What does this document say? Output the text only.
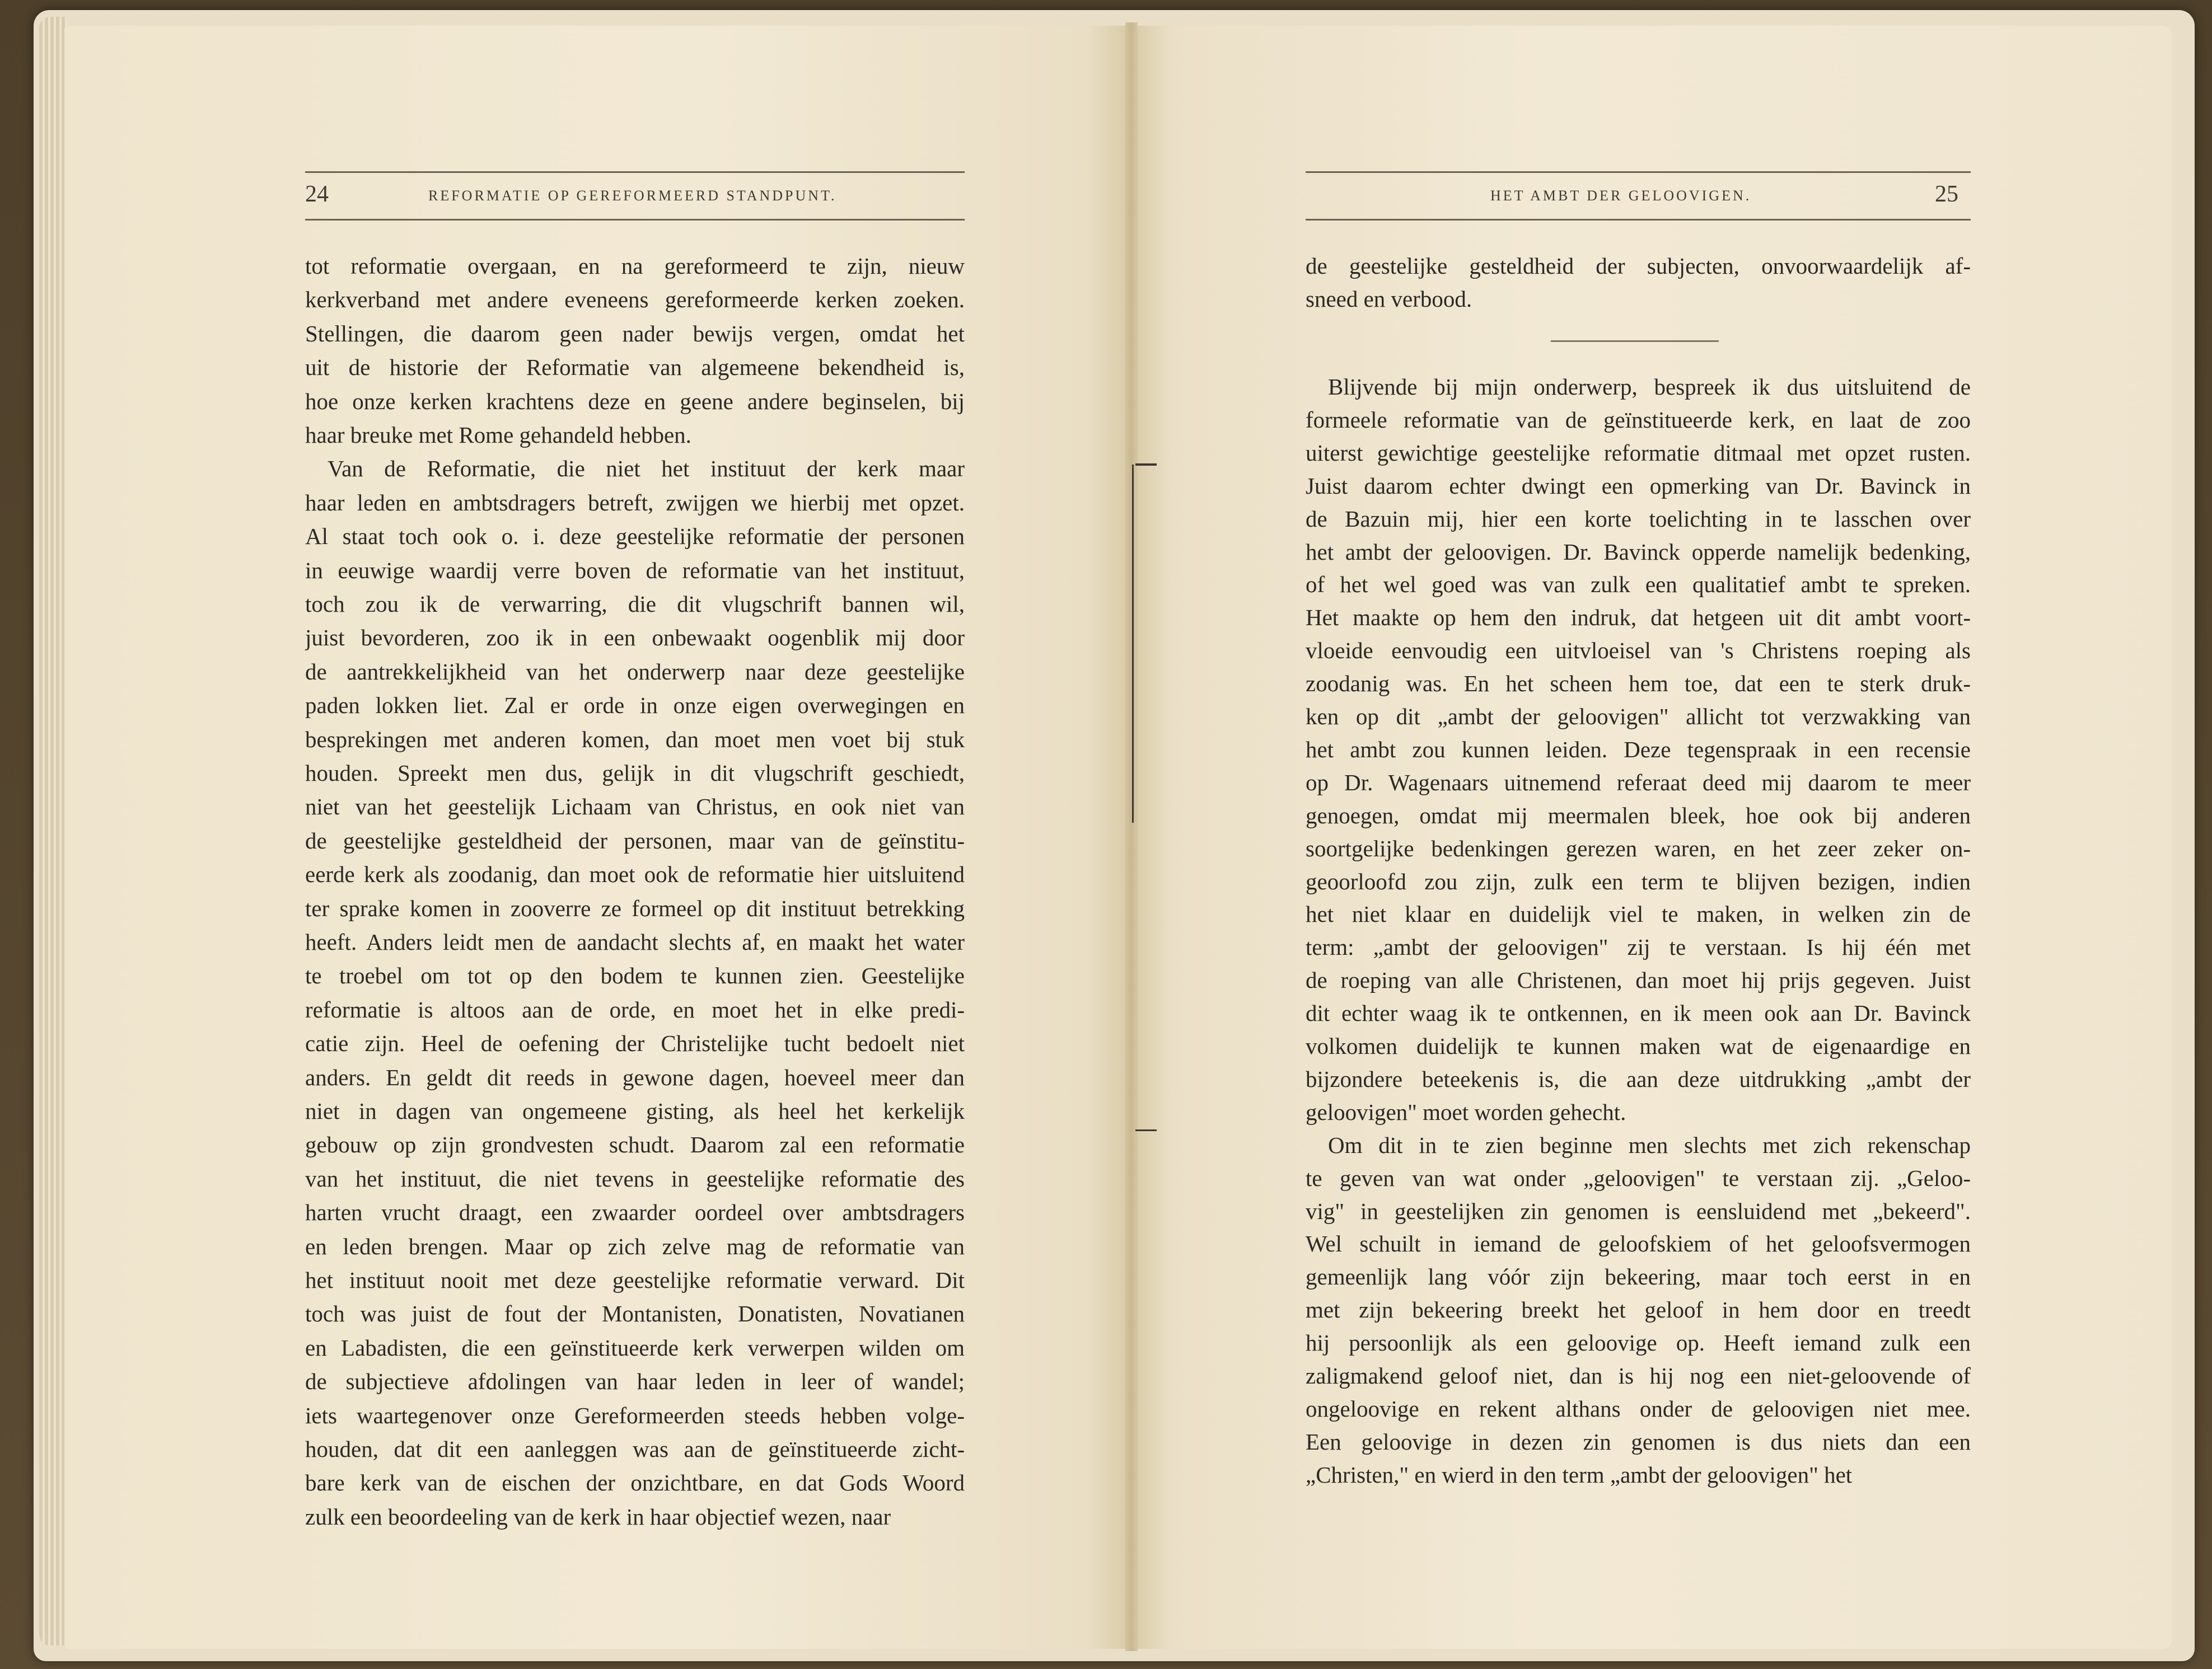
24	REFORMATIE OP GEREFORMEERD STANDPUNT.	HET AMBT DER GELOOVIGEN.	25
tot reformatie overgaan, en na gereformeerd te zijn, nieuw
kerkverband met andere eveneens gereformeerde kerken zoeken.
Stellingen, die daarom geen nader bewijs vergen, omdat het
uit de historie der Reformatie van algemeene bekendheid is,
hoe onze kerken krachtens deze en geene andere beginselen, bij
haar breuke met Rome gehandeld hebben.
Van de Reformatie, die niet het instituut der kerk maar
haar leden en ambtsdragers betreft, zwijgen we hierbij met opzet.
Al staat toch ook o. i. deze geestelijke reformatie der personen
in eeuwige waardij verre boven de reformatie van het instituut,
toch zou ik de verwarring, die dit vlugschrift bannen wil,
juist bevorderen, zoo ik in een onbewaakt oogenblik mij door
de aantrekkelijkheid van het onderwerp naar deze geestelijke
paden lokken liet. Zal er orde in onze eigen overwegingen en
besprekingen met anderen komen, dan moet men voet bij stuk
houden. Spreekt men dus, gelijk in dit vlugschrift geschiedt,
niet van het geestelijk Lichaam van Christus, en ook niet van
de geestelijke gesteldheid der personen, maar van de geïnstitu-
eerde kerk als zoodanig, dan moet ook de reformatie hier uitsluitend
ter sprake komen in zooverre ze formeel op dit instituut betrekking
heeft. Anders leidt men de aandacht slechts af, en maakt het water
te troebel om tot op den bodem te kunnen zien. Geestelijke
reformatie is altoos aan de orde, en moet het in elke predi-
catie zijn. Heel de oefening der Christelijke tucht bedoelt niet
anders. En geldt dit reeds in gewone dagen, hoeveel meer dan
niet in dagen van ongemeene gisting, als heel het kerkelijk
gebouw op zijn grondvesten schudt. Daarom zal een reformatie
van het instituut, die niet tevens in geestelijke reformatie des
harten vrucht draagt, een zwaarder oordeel over ambtsdragers
en leden brengen. Maar op zich zelve mag de reformatie van
het instituut nooit met deze geestelijke reformatie verward. Dit
toch was juist de fout der Montanisten, Donatisten, Novatianen
en Labadisten, die een geïnstitueerde kerk verwerpen wilden om
de subjectieve afdolingen van haar leden in leer of wandel;
iets waartegenover onze Gereformeerden steeds hebben volge-
houden, dat dit een aanleggen was aan de geïnstitueerde zicht-
bare kerk van de eischen der onzichtbare, en dat Gods Woord
zulk een beoordeeling van de kerk in haar objectief wezen, naar
de geestelijke gesteldheid der subjecten, onvoorwaardelijk af-
sneed en verbood.
Blijvende bij mijn onderwerp, bespreek ik dus uitsluitend de
formeele reformatie van de geïnstitueerde kerk, en laat de zoo
uiterst gewichtige geestelijke reformatie ditmaal met opzet rusten.
Juist daarom echter dwingt een opmerking van Dr. Bavinck in
de Bazuin mij, hier een korte toelichting in te lasschen over
het ambt der geloovigen. Dr. Bavinck opperde namelijk bedenking,
of het wel goed was van zulk een qualitatief ambt te spreken.
Het maakte op hem den indruk, dat hetgeen uit dit ambt voort-
vloeide eenvoudig een uitvloeisel van 's Christens roeping als
zoodanig was. En het scheen hem toe, dat een te sterk druk-
ken op dit „ambt der geloovigen" allicht tot verzwakking van
het ambt zou kunnen leiden. Deze tegenspraak in een recensie
op Dr. Wagenaars uitnemend referaat deed mij daarom te meer
genoegen, omdat mij meermalen bleek, hoe ook bij anderen
soortgelijke bedenkingen gerezen waren, en het zeer zeker on-
geoorloofd zou zijn, zulk een term te blijven bezigen, indien
het niet klaar en duidelijk viel te maken, in welken zin de
term: „ambt der geloovigen" zij te verstaan. Is hij één met
de roeping van alle Christenen, dan moet hij prijs gegeven. Juist
dit echter waag ik te ontkennen, en ik meen ook aan Dr. Bavinck
volkomen duidelijk te kunnen maken wat de eigenaardige en
bijzondere beteekenis is, die aan deze uitdrukking „ambt der
geloovigen" moet worden gehecht.
Om dit in te zien beginne men slechts met zich rekenschap
te geven van wat onder „geloovigen" te verstaan zij. „Geloo-
vig" in geestelijken zin genomen is eensluidend met „bekeerd".
Wel schuilt in iemand de geloofskiem of het geloofsvermogen
gemeenlijk lang vóór zijn bekeering, maar toch eerst in en
met zijn bekeering breekt het geloof in hem door en treedt
hij persoonlijk als een geloovige op. Heeft iemand zulk een
zaligmakend geloof niet, dan is hij nog een niet-geloovende of
ongeloovige en rekent althans onder de geloovigen niet mee.
Een geloovige in dezen zin genomen is dus niets dan een
„Christen," en wierd in den term „ambt der geloovigen" het
